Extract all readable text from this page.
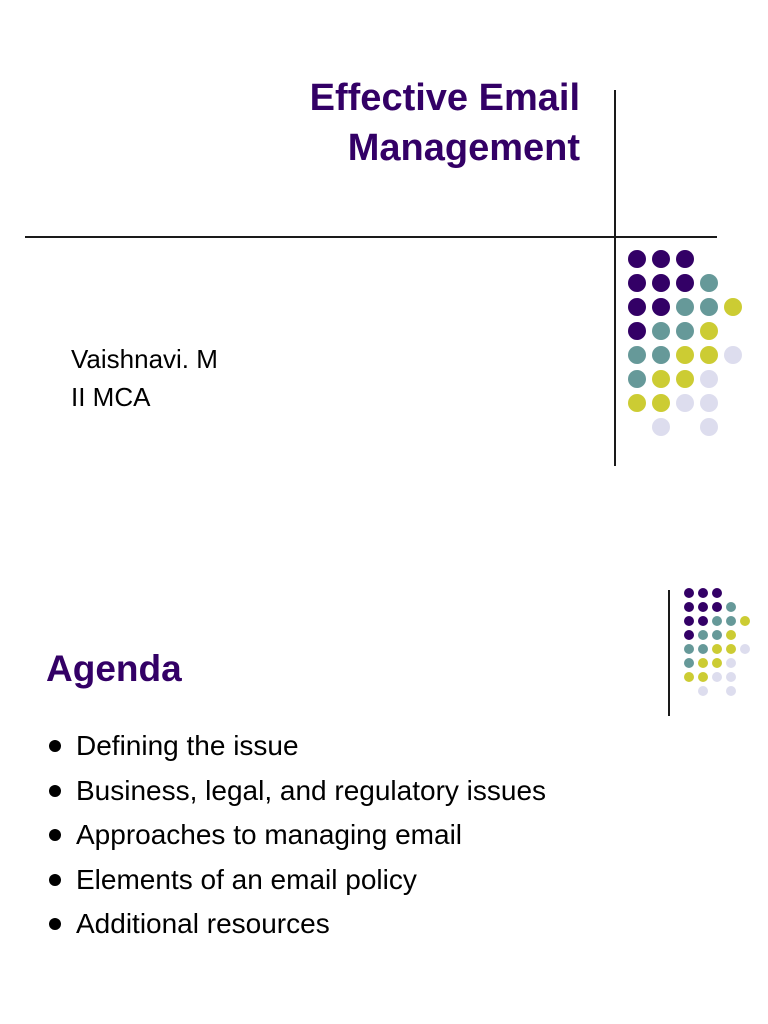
Effective Email
Management
Vaishnavi. M
II MCA
Agenda
Defining the issue
Business, legal, and regulatory issues
Approaches to managing email
Elements of an email policy
Additional resources
